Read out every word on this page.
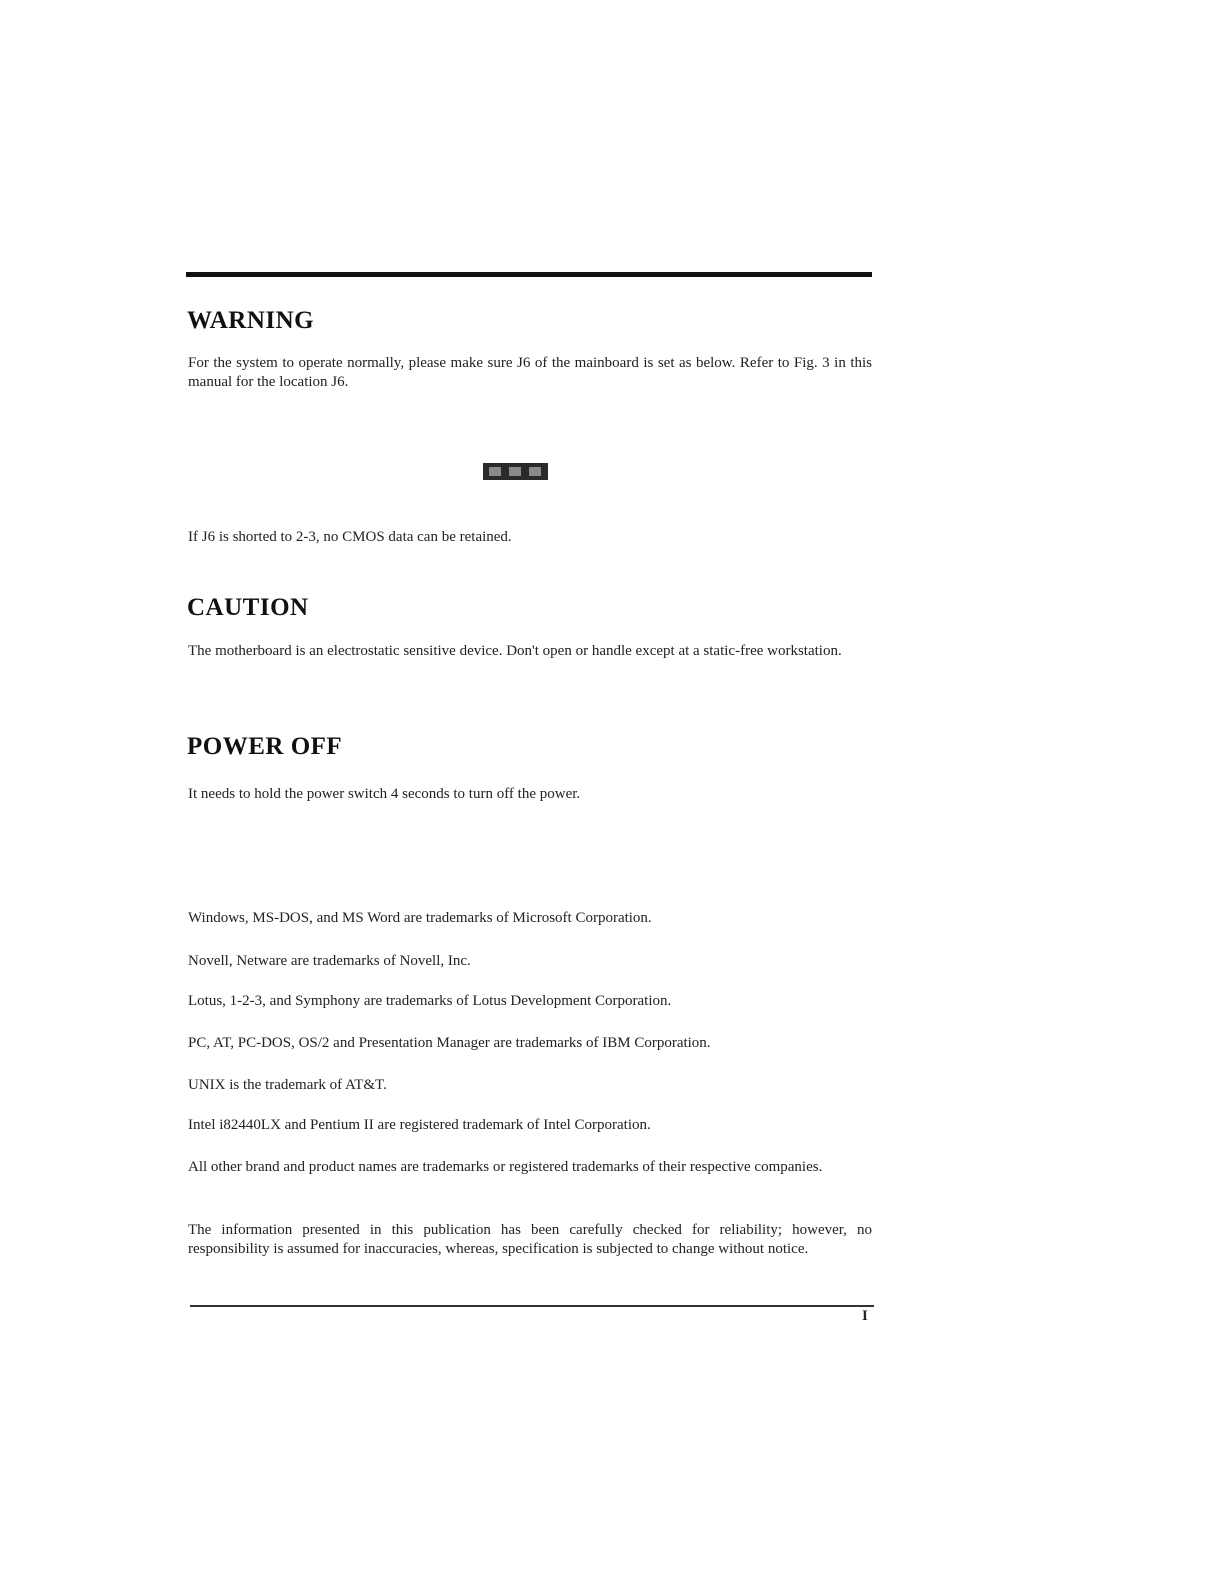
WARNING

For the system to operate normally, please make sure J6 of the mainboard is set as below. Refer to Fig. 3 in this manual for the location J6.

If J6 is shorted to 2-3, no CMOS data can be retained.

CAUTION

The motherboard is an electrostatic sensitive device. Don't open or handle except at a static-free workstation.

POWER OFF

It needs to hold the power switch 4 seconds to turn off the power.

Windows, MS-DOS, and MS Word are trademarks of Microsoft Corporation.

Novell, Netware are trademarks of Novell, Inc.

Lotus, 1-2-3, and Symphony are trademarks of Lotus Development Corporation.

PC, AT, PC-DOS, OS/2 and Presentation Manager are trademarks of IBM Corporation.

UNIX is the trademark of AT&T.

Intel i82440LX and Pentium II are registered trademark of Intel Corporation.

All other brand and product names are trademarks or registered trademarks of their respective companies.

The information presented in this publication has been carefully checked for reliability; however, no responsibility is assumed for inaccuracies, whereas, specification is subjected to change without notice.

I
